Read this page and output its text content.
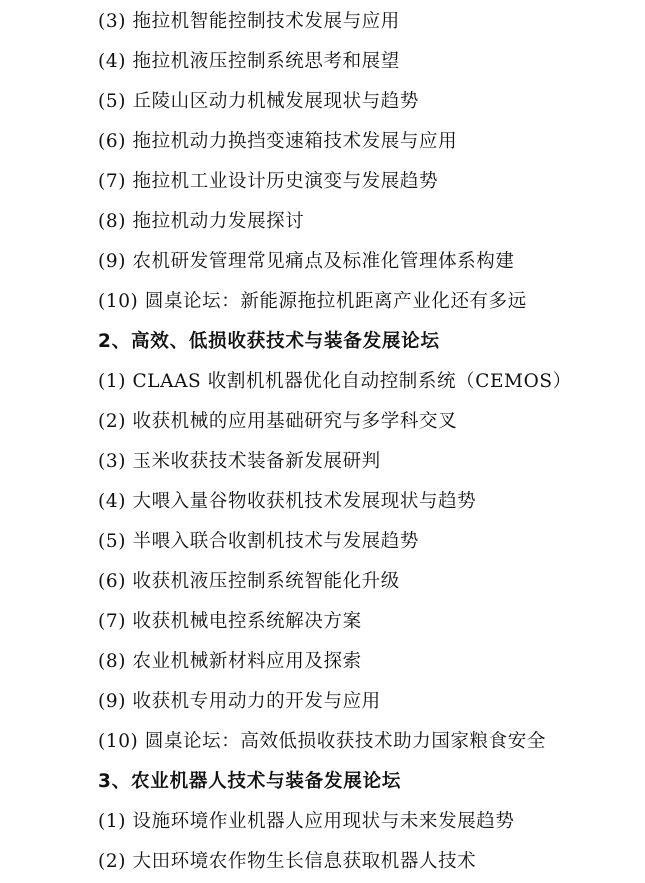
(3) 拖拉机智能控制技术发展与应用
(4) 拖拉机液压控制系统思考和展望
(5) 丘陵山区动力机械发展现状与趋势
(6) 拖拉机动力换挡变速箱技术发展与应用
(7) 拖拉机工业设计历史演变与发展趋势
(8) 拖拉机动力发展探讨
(9) 农机研发管理常见痛点及标准化管理体系构建
(10) 圆桌论坛：新能源拖拉机距离产业化还有多远
2、高效、低损收获技术与装备发展论坛
(1) CLAAS 收割机机器优化自动控制系统（CEMOS）
(2) 收获机械的应用基础研究与多学科交叉
(3) 玉米收获技术装备新发展研判
(4) 大喂入量谷物收获机技术发展现状与趋势
(5) 半喂入联合收割机技术与发展趋势
(6) 收获机液压控制系统智能化升级
(7) 收获机械电控系统解决方案
(8) 农业机械新材料应用及探索
(9) 收获机专用动力的开发与应用
(10) 圆桌论坛：高效低损收获技术助力国家粮食安全
3、农业机器人技术与装备发展论坛
(1) 设施环境作业机器人应用现状与未来发展趋势
(2) 大田环境农作物生长信息获取机器人技术
